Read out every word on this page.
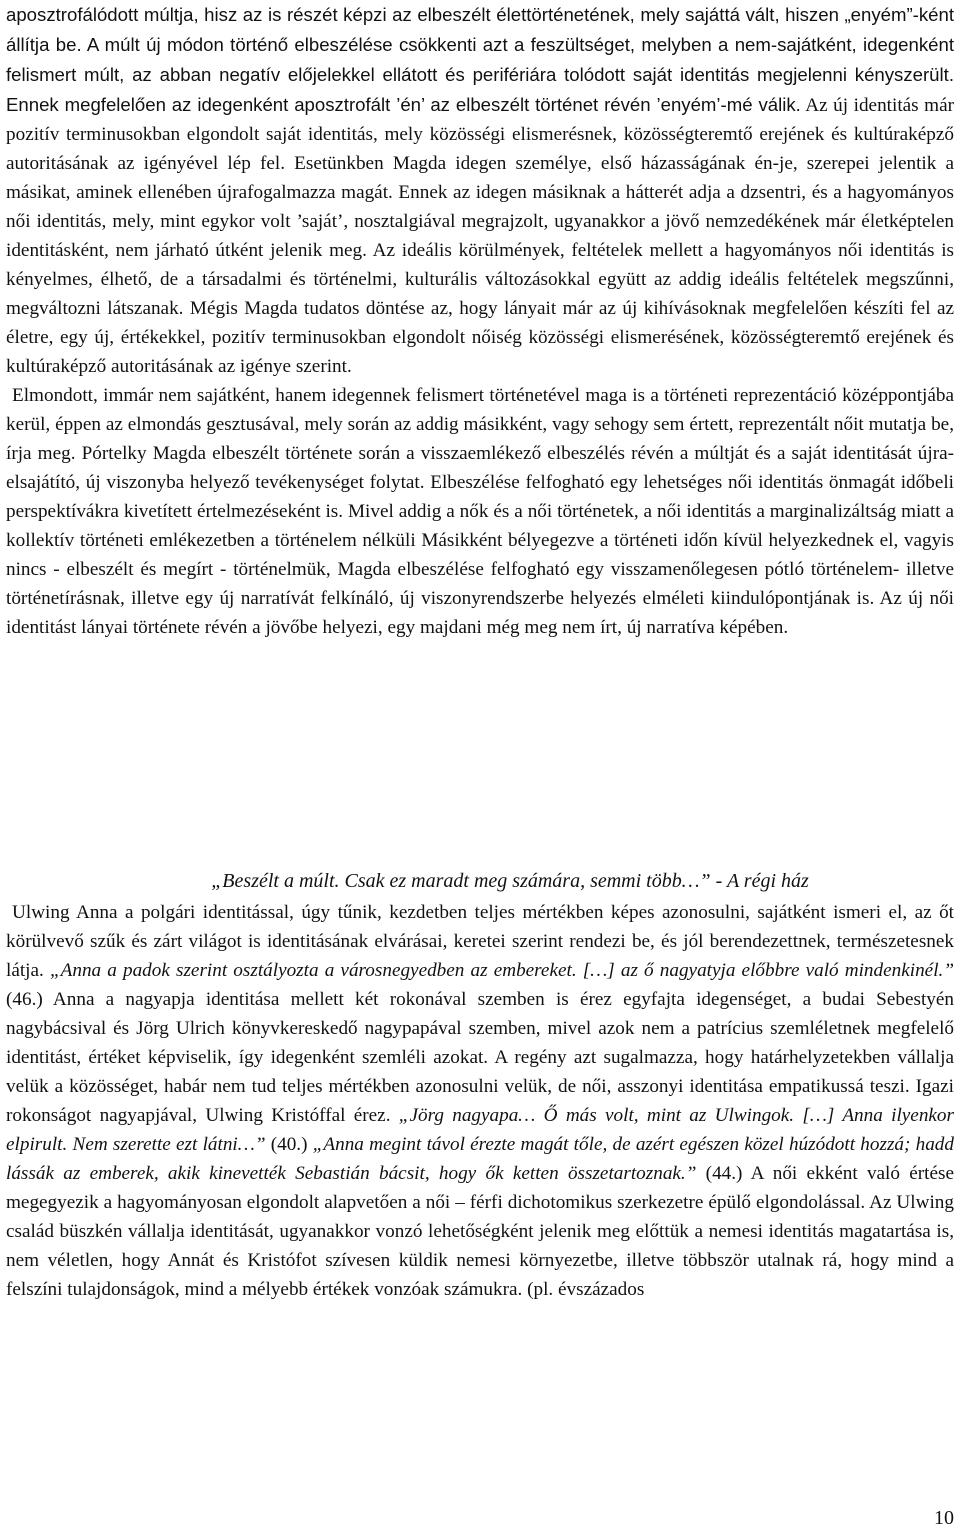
aposztrofálódott múltja, hisz az is részét képzi az elbeszélt élettörténetének, mely sajáttá vált, hiszen „enyém”-ként állítja be. A múlt új módon történő elbeszélése csökkenti azt a feszültséget, melyben a nem-sajátként, idegenként felismert múlt, az abban negatív előjelekkel ellátott és perifériára tolódott saját identitás megjelenni kényszerült. Ennek megfelelően az idegenként aposztrofált ’én’ az elbeszélt történet révén ’enyém’-mé válik. Az új identitás már pozitív terminusokban elgondolt saját identitás, mely közösségi elismerésnek, közösségteremtő erejének és kultúraképző autoritásának az igényével lép fel. Esetünkben Magda idegen személye, első házasságának én-je, szerepei jelentik a másikat, aminek ellenében újrafogalmazza magát. Ennek az idegen másiknak a hátterét adja a dzsentri, és a hagyományos női identitás, mely, mint egykor volt ’saját’, nosztalgiával megrajzolt, ugyanakkor a jövő nemzedékének már életképtelen identitásként, nem járható útként jelenik meg. Az ideális körülmények, feltételek mellett a hagyományos női identitás is kényelmes, élhető, de a társadalmi és történelmi, kulturális változásokkal együtt az addig ideális feltételek megszűnni, megváltozni látszanak. Mégis Magda tudatos döntése az, hogy lányait már az új kihívásoknak megfelelően készíti fel az életre, egy új, értékekkel, pozitív terminusokban elgondolt nőiség közösségi elismerésének, közösségteremtő erejének és kultúraképző autoritásának az igénye szerint.
Elmondott, immár nem sajátként, hanem idegennek felismert történetével maga is a történeti reprezentáció középpontjába kerül, éppen az elmondás gesztusával, mely során az addig másikként, vagy sehogy sem értett, reprezentált nőit mutatja be, írja meg. Pórtelky Magda elbeszélt története során a visszaemlékező elbeszélés révén a múltját és a saját identitását újra-elsajátító, új viszonyba helyező tevékenységet folytat. Elbeszélése felfogható egy lehetséges női identitás önmagát időbeli perspektívákra kivetített értelmezéseként is. Mivel addig a nők és a női történetek, a női identitás a marginalizáltság miatt a kollektív történeti emlékezetben a történelem nélküli Másikként bélyegezve a történeti időn kívül helyezkednek el, vagyis nincs - elbeszélt és megírt - történelmük, Magda elbeszélése felfogható egy visszamenőlegesen pótló történelem- illetve történetírásnak, illetve egy új narratívát felkínáló, új viszonyrendszerbe helyezés elméleti kiindulópontjának is. Az új női identitást lányai története révén a jövőbe helyezi, egy majdani még meg nem írt, új narratíva képében.

„Beszélt a múlt. Csak ez maradt meg számára, semmi több…” - A régi ház

Ulwing Anna a polgári identitással, úgy tűnik, kezdetben teljes mértékben képes azonosulni, sajátként ismeri el, az őt körülvevő szűk és zárt világot is identitásának elvárásai, keretei szerint rendezi be, és jól berendezettnek, természetesnek látja. „Anna a padok szerint osztályozta a városnegyedben az embereket. […] az ő nagyatyja előbbre való mindenkinél.” (46.) Anna a nagyapja identitása mellett két rokonával szemben is érez egyfajta idegenséget, a budai Sebestyén nagybácsival és Jörg Ulrich könyvkereskedő nagypapával szemben, mivel azok nem a patrícius szemléletnek megfelelő identitást, értéket képviselik, így idegenként szemléli azokat. A regény azt sugalmazza, hogy határhelyzetekben vállalja velük a közösséget, habár nem tud teljes mértékben azonosulni velük, de női, asszonyi identitása empatikussá teszi. Igazi rokonságot nagyapjával, Ulwing Kristóffal érez. „Jörg nagyapa… Ő más volt, mint az Ulwingok. […] Anna ilyenkor elpirult. Nem szerette ezt látni…” (40.) „Anna megint távol érezte magát tőle, de azért egészen közel húzódott hozzá; hadd lássák az emberek, akik kinevették Sebastián bácsit, hogy ők ketten összetartoznak.” (44.) A női ekként való értése megegyezik a hagyományosan elgondolt alapvetően a női – férfi dichotomikus szerkezetre épülő elgondolással. Az Ulwing család büszkén vállalja identitását, ugyanakkor vonzó lehetőségként jelenik meg előttük a nemesi identitás magatartása is, nem véletlen, hogy Annát és Kristófot szívesen küldik nemesi környezetbe, illetve többször utalnak rá, hogy mind a felszíni tulajdonságok, mind a mélyebb értékek vonzóak számukra. (pl. évszázados

10
